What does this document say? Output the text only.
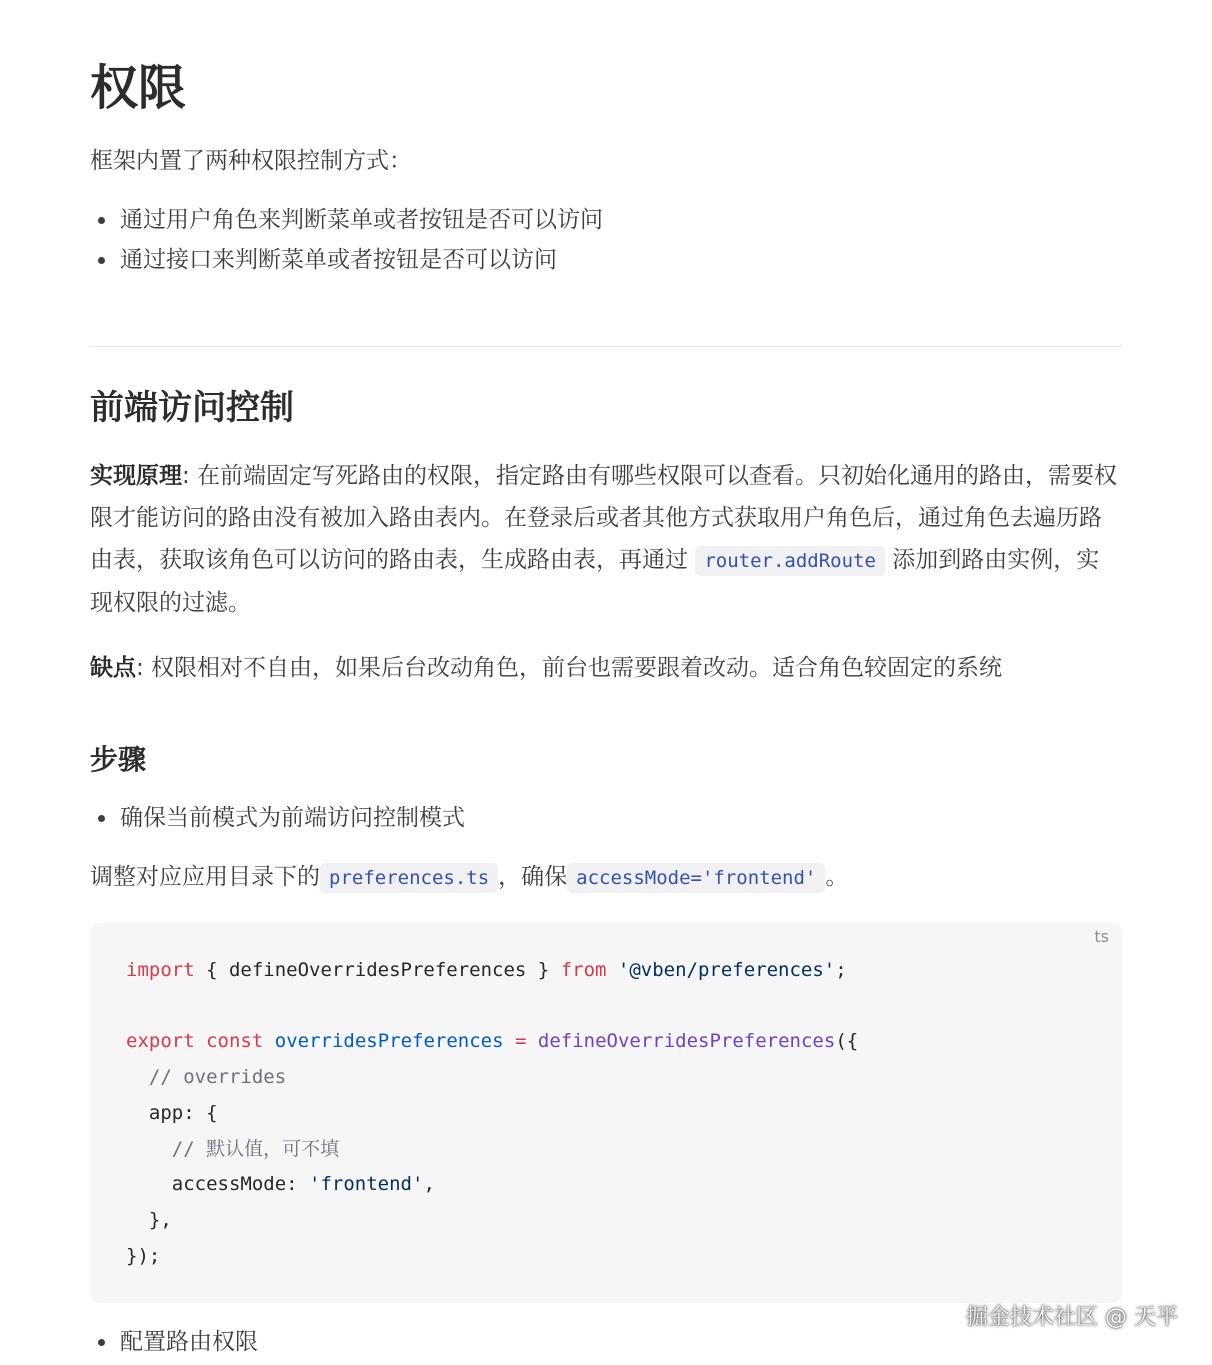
权限

框架内置了两种权限控制方式：

通过用户角色来判断菜单或者按钮是否可以访问
通过接口来判断菜单或者按钮是否可以访问
前端访问控制

实现原理: 在前端固定写死路由的权限，指定路由有哪些权限可以查看。只初始化通用的路由，需要权限才能访问的路由没有被加入路由表内。在登录后或者其他方式获取用户角色后，通过角色去遍历路由表，获取该角色可以访问的路由表，生成路由表，再通过 router.addRoute 添加到路由实例，实现权限的过滤。

缺点: 权限相对不自由，如果后台改动角色，前台也需要跟着改动。适合角色较固定的系统

步骤
确保当前模式为前端访问控制模式

调整对应应用目录下的 preferences.ts ，确保 accessMode='frontend' 。

ts
import { defineOverridesPreferences } from '@vben/preferences';

export const overridesPreferences = defineOverridesPreferences({
// overrides
app: {
// 默认值，可不填
accessMode: 'frontend',
},
});
配置路由权限
掘金技术社区 @ 天平
